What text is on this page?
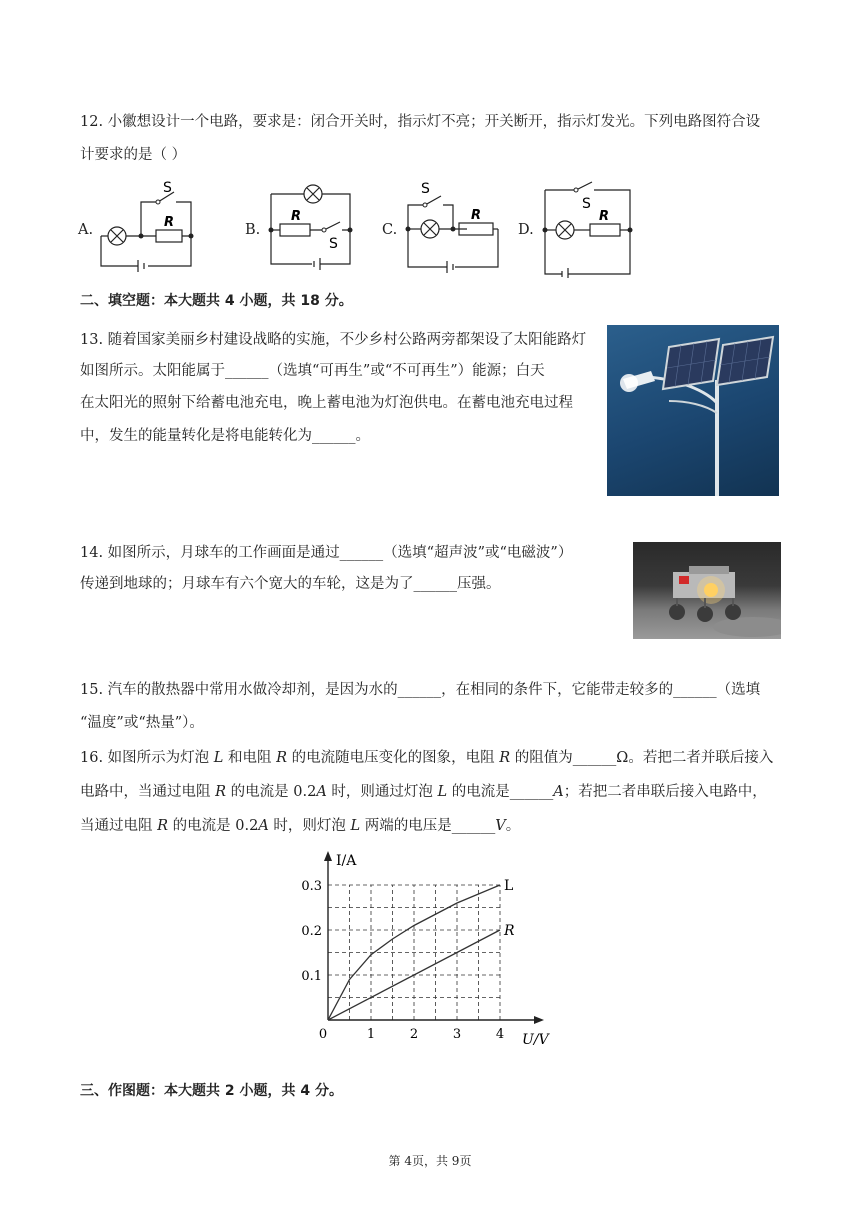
12. 小徽想设计一个电路，要求是：闭合开关时，指示灯不亮；开关断开，指示灯发光。下列电路图符合设
计要求的是（ ）
A.
S
R	B.
R
S
C.
S
R
D.
S
R
二、填空题：本大题共 4 小题，共 18 分。
13. 随着国家美丽乡村建设战略的实施，不少乡村公路两旁都架设了太阳能路灯
如图所示。太阳能属于______（选填“可再生”或“不可再生”）能源；白天
在太阳光的照射下给蓄电池充电，晚上蓄电池为灯泡供电。在蓄电池充电过程
中，发生的能量转化是将电能转化为______。
14. 如图所示，月球车的工作画面是通过______（选填“超声波”或“电磁波”）
传递到地球的；月球车有六个宽大的车轮，这是为了______压强。
15. 汽车的散热器中常用水做冷却剂，是因为水的______，在相同的条件下，它能带走较多的______（选填
“温度”或“热量”）。
16. 如图所示为灯泡 L 和电阻 R 的电流随电压变化的图象，电阻 R 的阻值为______Ω。若把二者并联后接入
电路中，当通过电阻 R 的电流是 0.2A 时，则通过灯泡 L 的电流是______A；若把二者串联后接入电路中，
当通过电阻 R 的电流是 0.2A 时，则灯泡 L 两端的电压是______V。
I/A
U/V
0	1	2	3	4
0.1
0.2
0.3	L
R
三、作图题：本大题共 2 小题，共 4 分。
第 4页，共 9页
